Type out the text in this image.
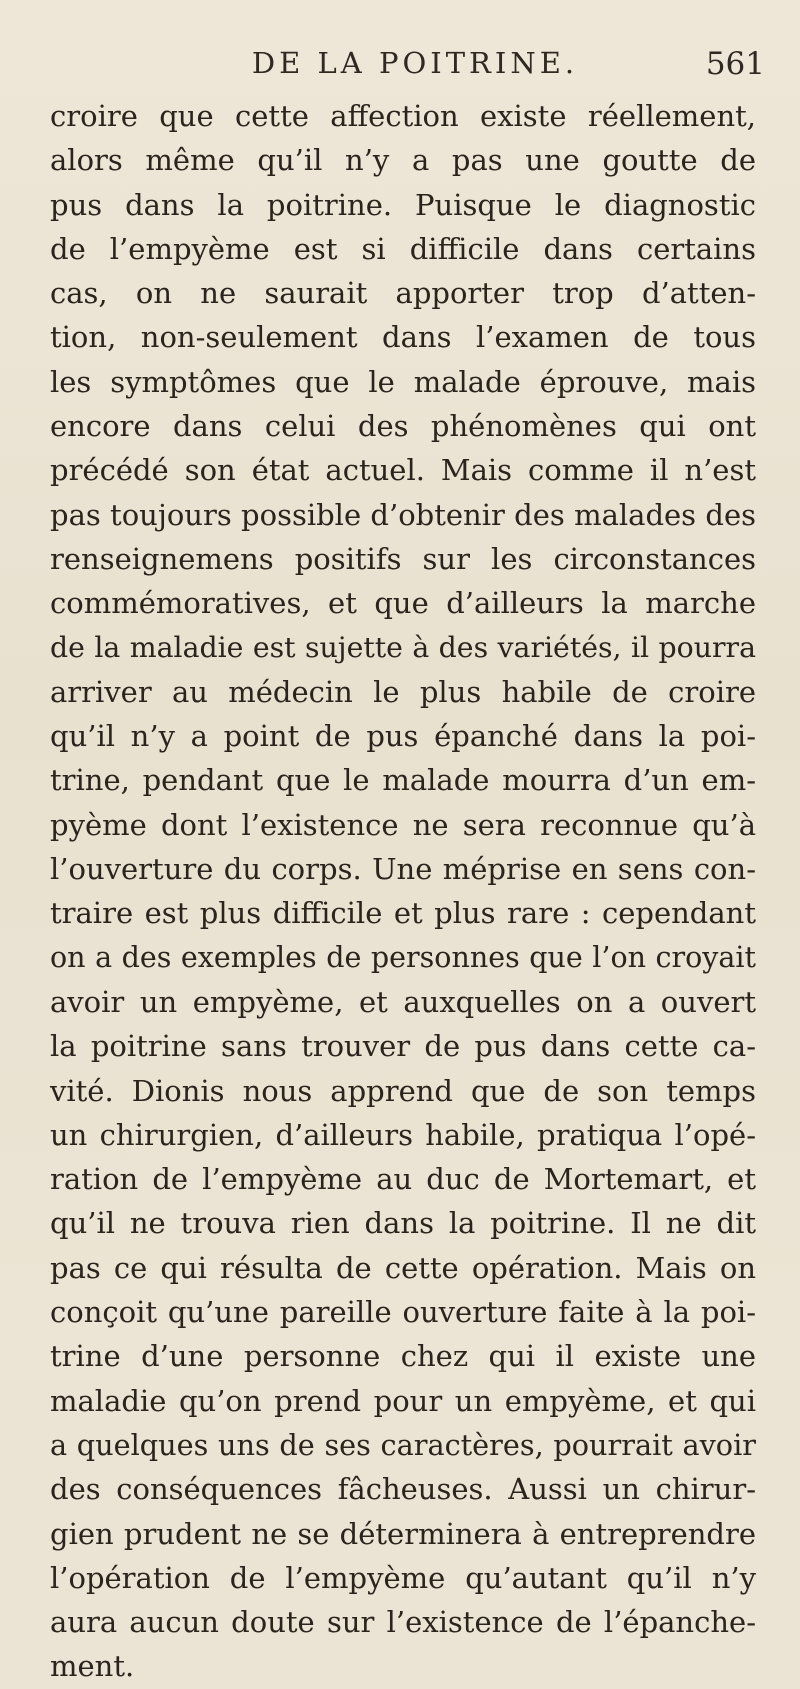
DE LA POITRINE.	561
croire que cette affection existe réellement,
alors même qu’il n’y a pas une goutte de
pus dans la poitrine. Puisque le diagnostic
de l’empyème est si difficile dans certains
cas, on ne saurait apporter trop d’atten-
tion, non-seulement dans l’examen de tous
les symptômes que le malade éprouve, mais
encore dans celui des phénomènes qui ont
précédé son état actuel. Mais comme il n’est
pas toujours possible d’obtenir des malades des
renseignemens positifs sur les circonstances
commémoratives, et que d’ailleurs la marche
de la maladie est sujette à des variétés, il pourra
arriver au médecin le plus habile de croire
qu’il n’y a point de pus épanché dans la poi-
trine, pendant que le malade mourra d’un em-
pyème dont l’existence ne sera reconnue qu’à
l’ouverture du corps. Une méprise en sens con-
traire est plus difficile et plus rare : cependant
on a des exemples de personnes que l’on croyait
avoir un empyème, et auxquelles on a ouvert
la poitrine sans trouver de pus dans cette ca-
vité. Dionis nous apprend que de son temps
un chirurgien, d’ailleurs habile, pratiqua l’opé-
ration de l’empyème au duc de Mortemart, et
qu’il ne trouva rien dans la poitrine. Il ne dit
pas ce qui résulta de cette opération. Mais on
conçoit qu’une pareille ouverture faite à la poi-
trine d’une personne chez qui il existe une
maladie qu’on prend pour un empyème, et qui
a quelques uns de ses caractères, pourrait avoir
des conséquences fâcheuses. Aussi un chirur-
gien prudent ne se déterminera à entreprendre
l’opération de l’empyème qu’autant qu’il n’y
aura aucun doute sur l’existence de l’épanche-
ment.
